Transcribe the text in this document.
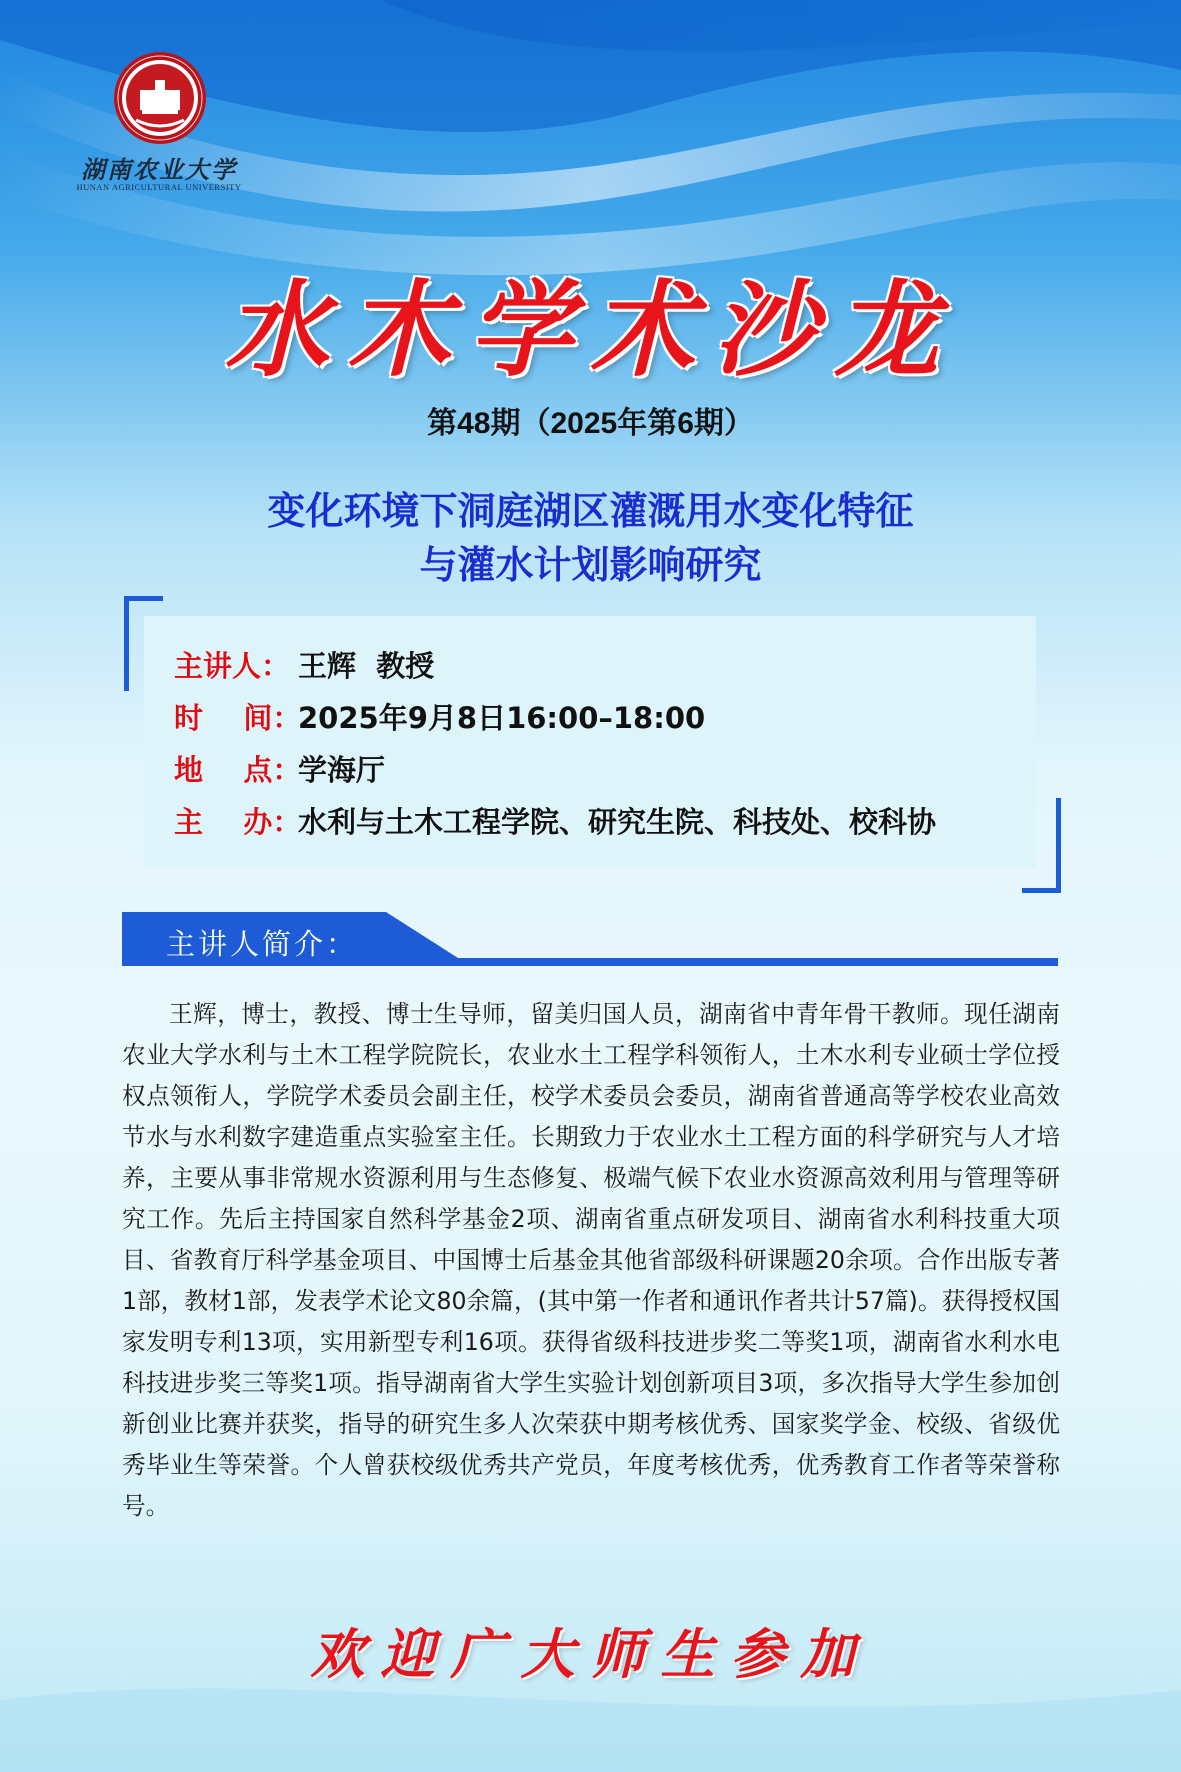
湖南农业大学
HUNAN AGRICULTURAL UNIVERSITY
水木学术沙龙
第48期（2025年第6期）
变化环境下洞庭湖区灌溉用水变化特征
与灌水计划影响研究
主讲人： 王辉  教授
时    间：
2025年9月8日16:00–18:00
地    点：
学海厅
主    办：
水利与土木工程学院、研究生院、科技处、校科协
主讲人简介：
王辉，博士，教授、博士生导师，留美归国人员，湖南省中青年骨干教师。现任湖南农业大学水利与土木工程学院院长，农业水土工程学科领衔人，土木水利专业硕士学位授权点领衔人，学院学术委员会副主任，校学术委员会委员，湖南省普通高等学校农业高效节水与水利数字建造重点实验室主任。长期致力于农业水土工程方面的科学研究与人才培养，主要从事非常规水资源利用与生态修复、极端气候下农业水资源高效利用与管理等研究工作。先后主持国家自然科学基金2项、湖南省重点研发项目、湖南省水利科技重大项目、省教育厅科学基金项目、中国博士后基金其他省部级科研课题20余项。合作出版专著1部，教材1部，发表学术论文80余篇，(其中第一作者和通讯作者共计57篇)。获得授权国家发明专利13项，实用新型专利16项。获得省级科技进步奖二等奖1项，湖南省水利水电科技进步奖三等奖1项。指导湖南省大学生实验计划创新项目3项，多次指导大学生参加创新创业比赛并获奖，指导的研究生多人次荣获中期考核优秀、国家奖学金、校级、省级优秀毕业生等荣誉。个人曾获校级优秀共产党员，年度考核优秀，优秀教育工作者等荣誉称号。
欢迎广大师生参加
